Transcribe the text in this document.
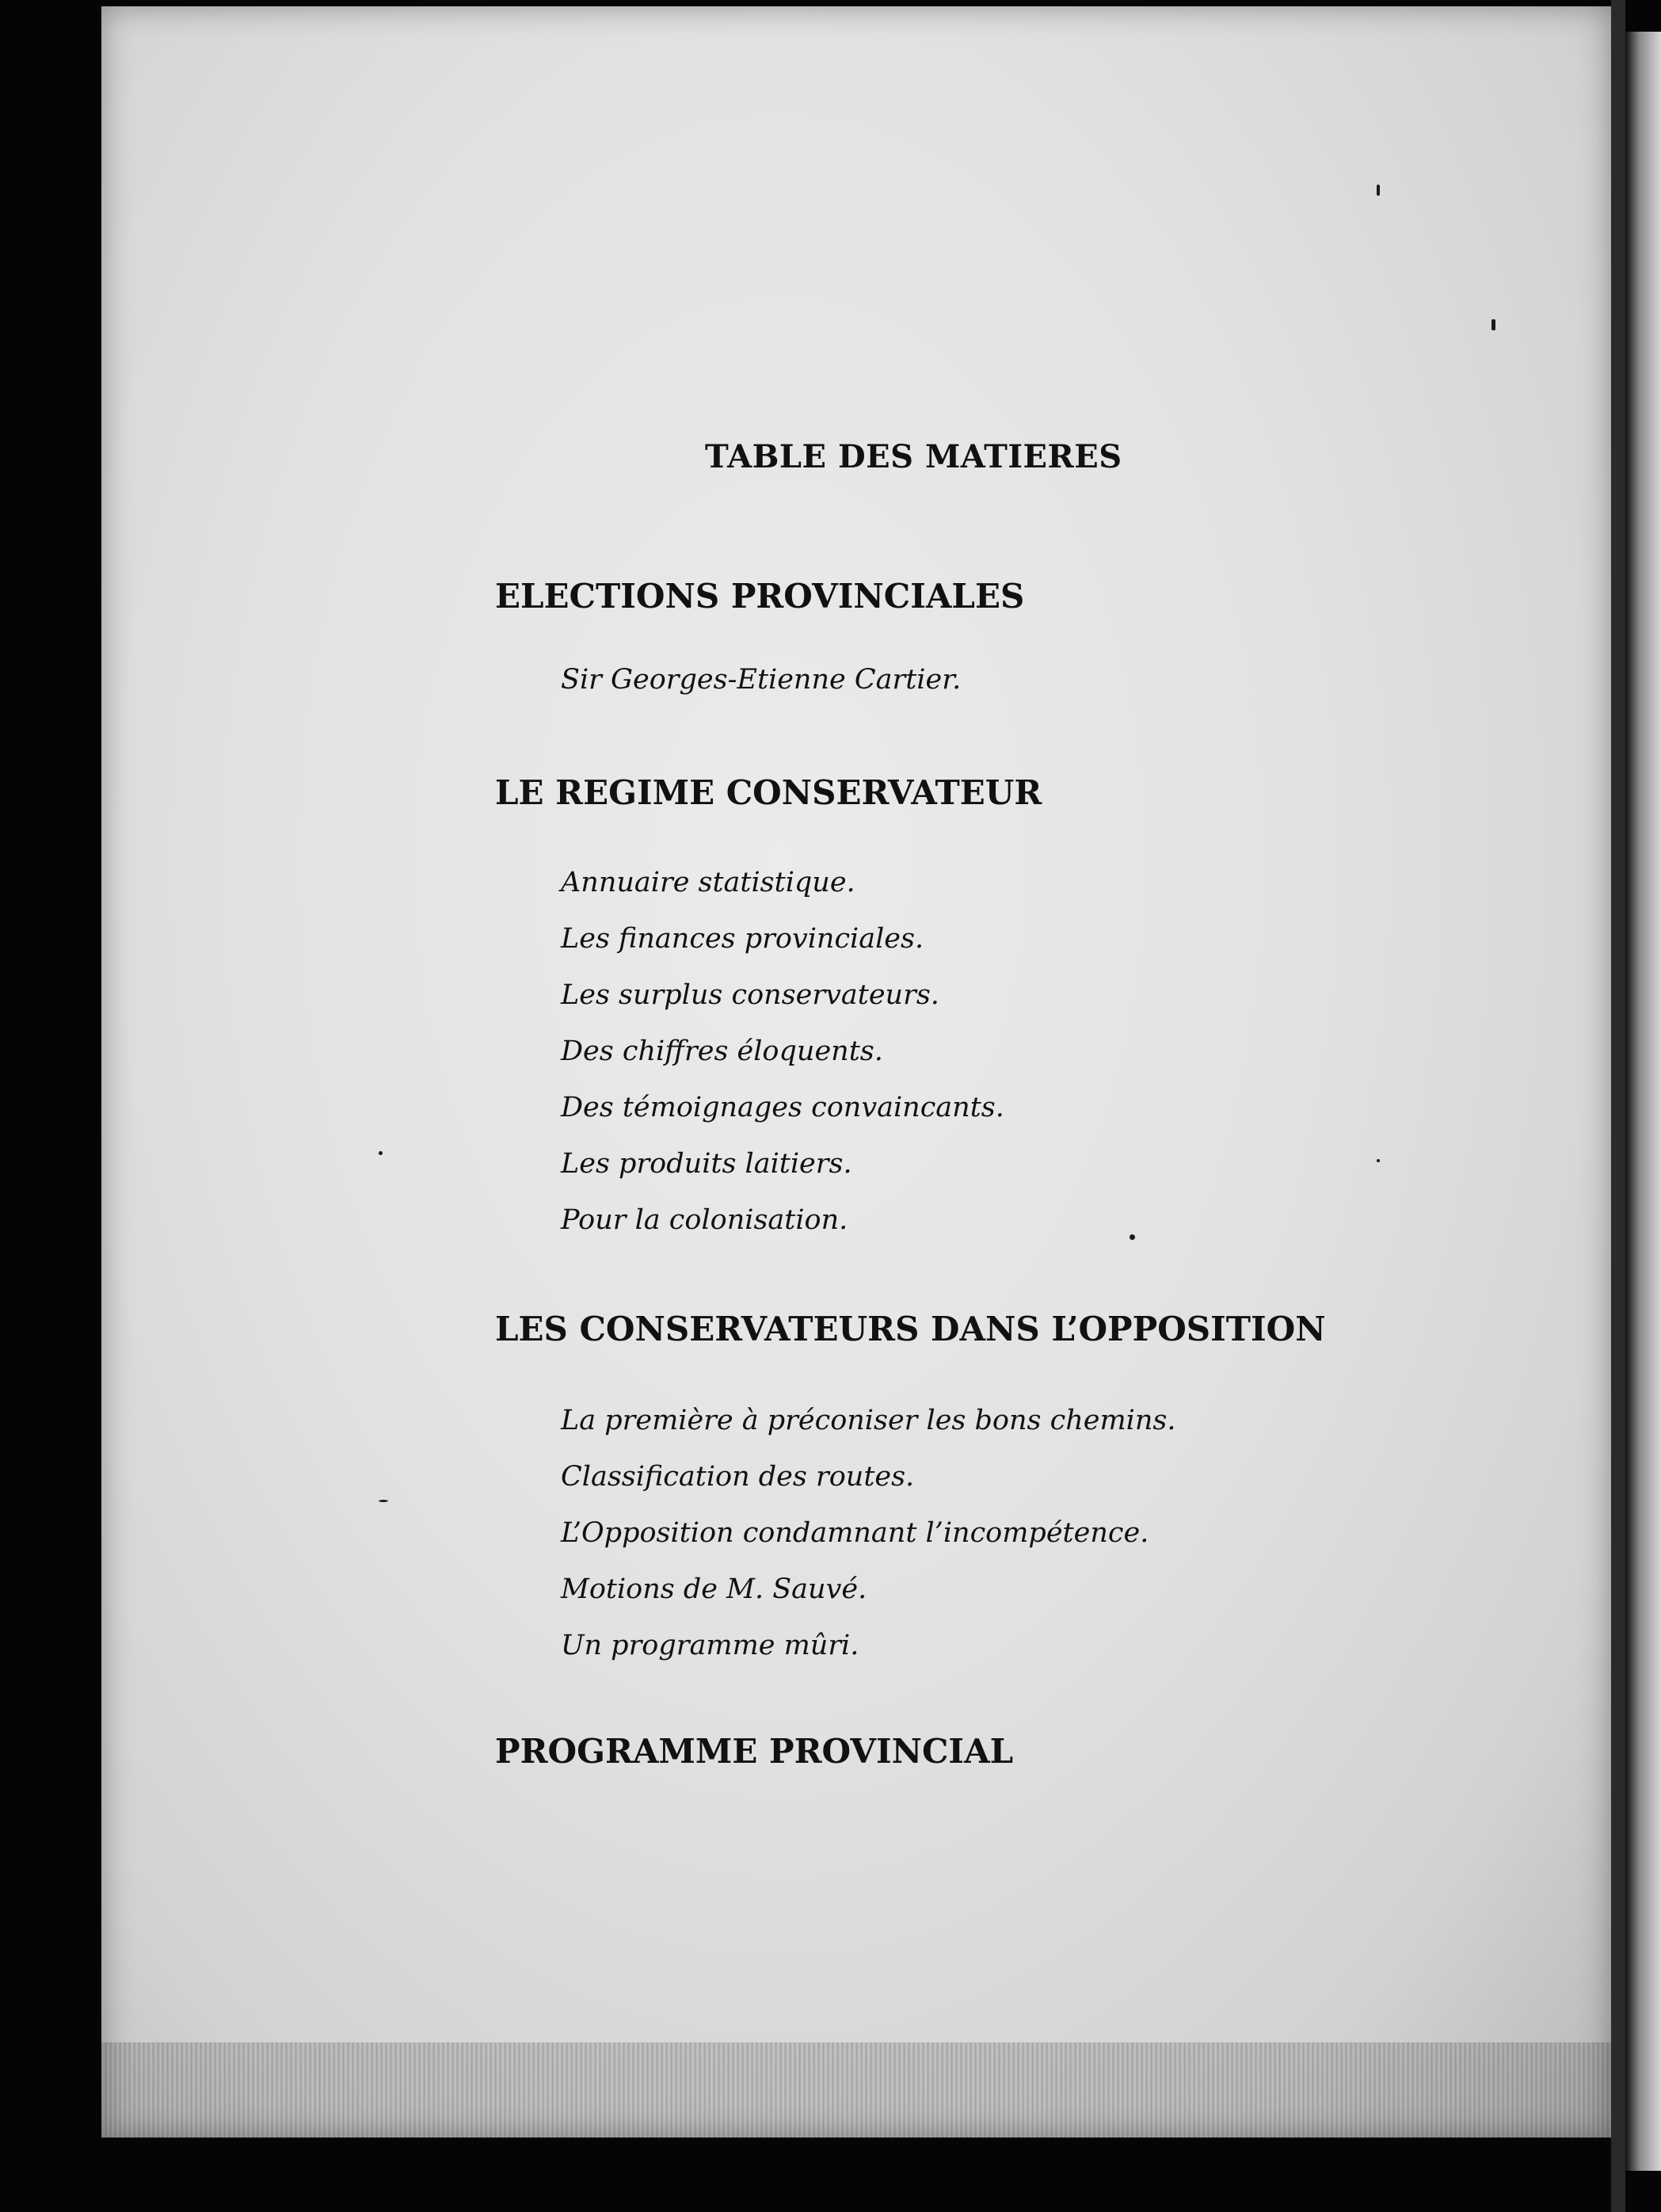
TABLE DES MATIERES
ELECTIONS PROVINCIALES
Sir Georges-Etienne Cartier.
LE REGIME CONSERVATEUR
Annuaire statistique.
Les finances provinciales.
Les surplus conservateurs.
Des chiffres éloquents.
Des témoignages convaincants.
Les produits laitiers.
Pour la colonisation.
LES CONSERVATEURS DANS L’OPPOSITION
La première à préconiser les bons chemins.
Classification des routes.
L’Opposition condamnant l’incompétence.
Motions de M. Sauvé.
Un programme mûri.
PROGRAMME PROVINCIAL
